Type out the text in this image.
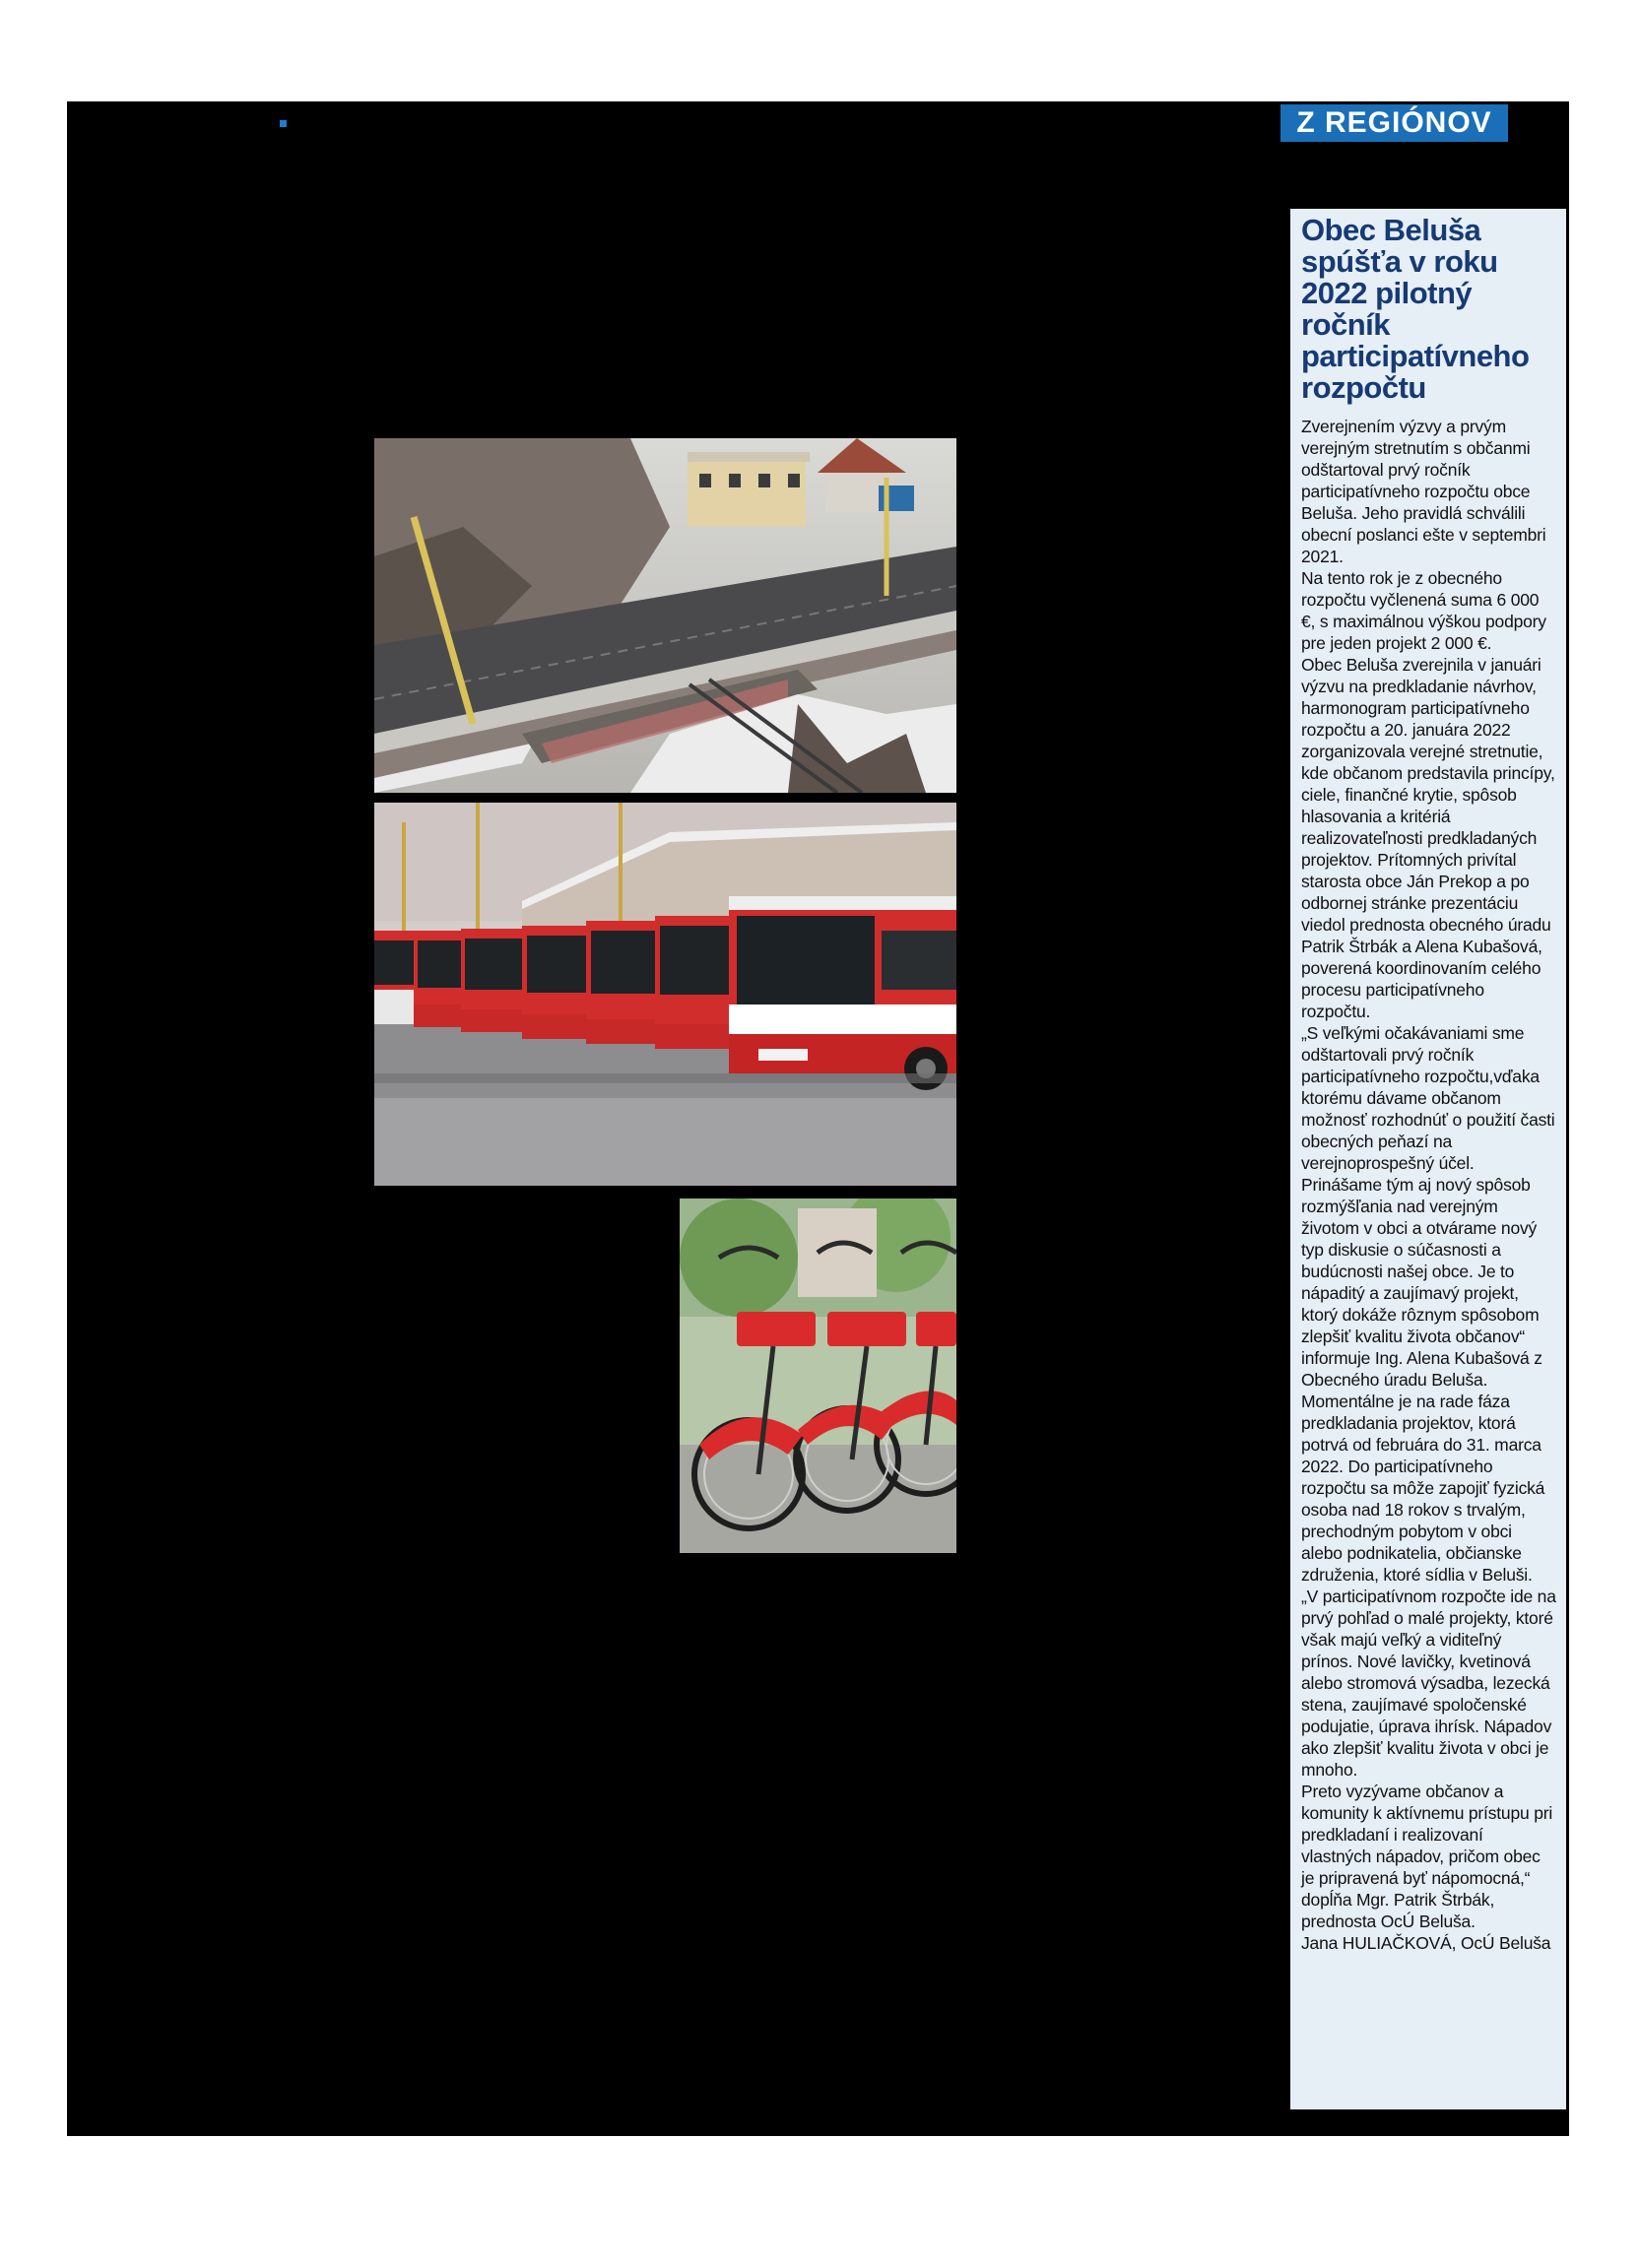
Z REGIÓNOV
Obec Beluša spúšťa v roku 2022 pilotný ročník participatívneho rozpočtu

Zverejnením výzvy a prvým verejným stretnutím s občanmi odštartoval prvý ročník participatívneho rozpočtu obce Beluša. Jeho pravidlá schválili obecní poslanci ešte v septembri 2021.

Na tento rok je z obecného rozpočtu vyčlenená suma 6 000 €, s maximálnou výškou podpory pre jeden projekt 2 000 €.

Obec Beluša zverejnila v januári výzvu na predkladanie návrhov, harmonogram participatívneho rozpočtu a 20. januára 2022 zorganizovala verejné stretnutie, kde občanom predstavila princípy, ciele, finančné krytie, spôsob hlasovania a kritériá realizovateľnosti predkladaných projektov. Prítomných privítal starosta obce Ján Prekop a po odbornej stránke prezentáciu viedol prednosta obecného úradu Patrik Štrbák a Alena Kubašová, poverená koordinovaním celého procesu participatívneho rozpočtu.

„S veľkými očakávaniami sme odštartovali prvý ročník participatívneho rozpočtu,vďaka ktorému dávame občanom možnosť rozhodnúť o použití časti obecných peňazí na verejnoprospešný účel. Prinášame tým aj nový spôsob rozmýšľania nad verejným životom v obci a otvárame nový typ diskusie o súčasnosti a budúcnosti našej obce. Je to nápaditý a zaujímavý projekt, ktorý dokáže rôznym spôsobom zlepšiť kvalitu života občanov“ informuje Ing. Alena Kubašová z Obecného úradu Beluša.

Momentálne je na rade fáza predkladania projektov, ktorá potrvá od februára do 31. marca 2022. Do participatívneho rozpočtu sa môže zapojiť fyzická osoba nad 18 rokov s trvalým, prechodným pobytom v obci alebo podnikatelia, občianske združenia, ktoré sídlia v Beluši.

„V participatívnom rozpočte ide na prvý pohľad o malé projekty, ktoré však majú veľký a viditeľný prínos. Nové lavičky, kvetinová alebo stromová výsadba, lezecká stena, zaujímavé spoločenské podujatie, úprava ihrísk. Nápadov ako zlepšiť kvalitu života v obci je mnoho.

Preto vyzývame občanov a komunity k aktívnemu prístupu pri predkladaní i realizovaní vlastných nápadov, pričom obec je pripravená byť nápomocná,“ dopĺňa Mgr. Patrik Štrbák, prednosta OcÚ Beluša.

Jana HULIAČKOVÁ, OcÚ Beluša
